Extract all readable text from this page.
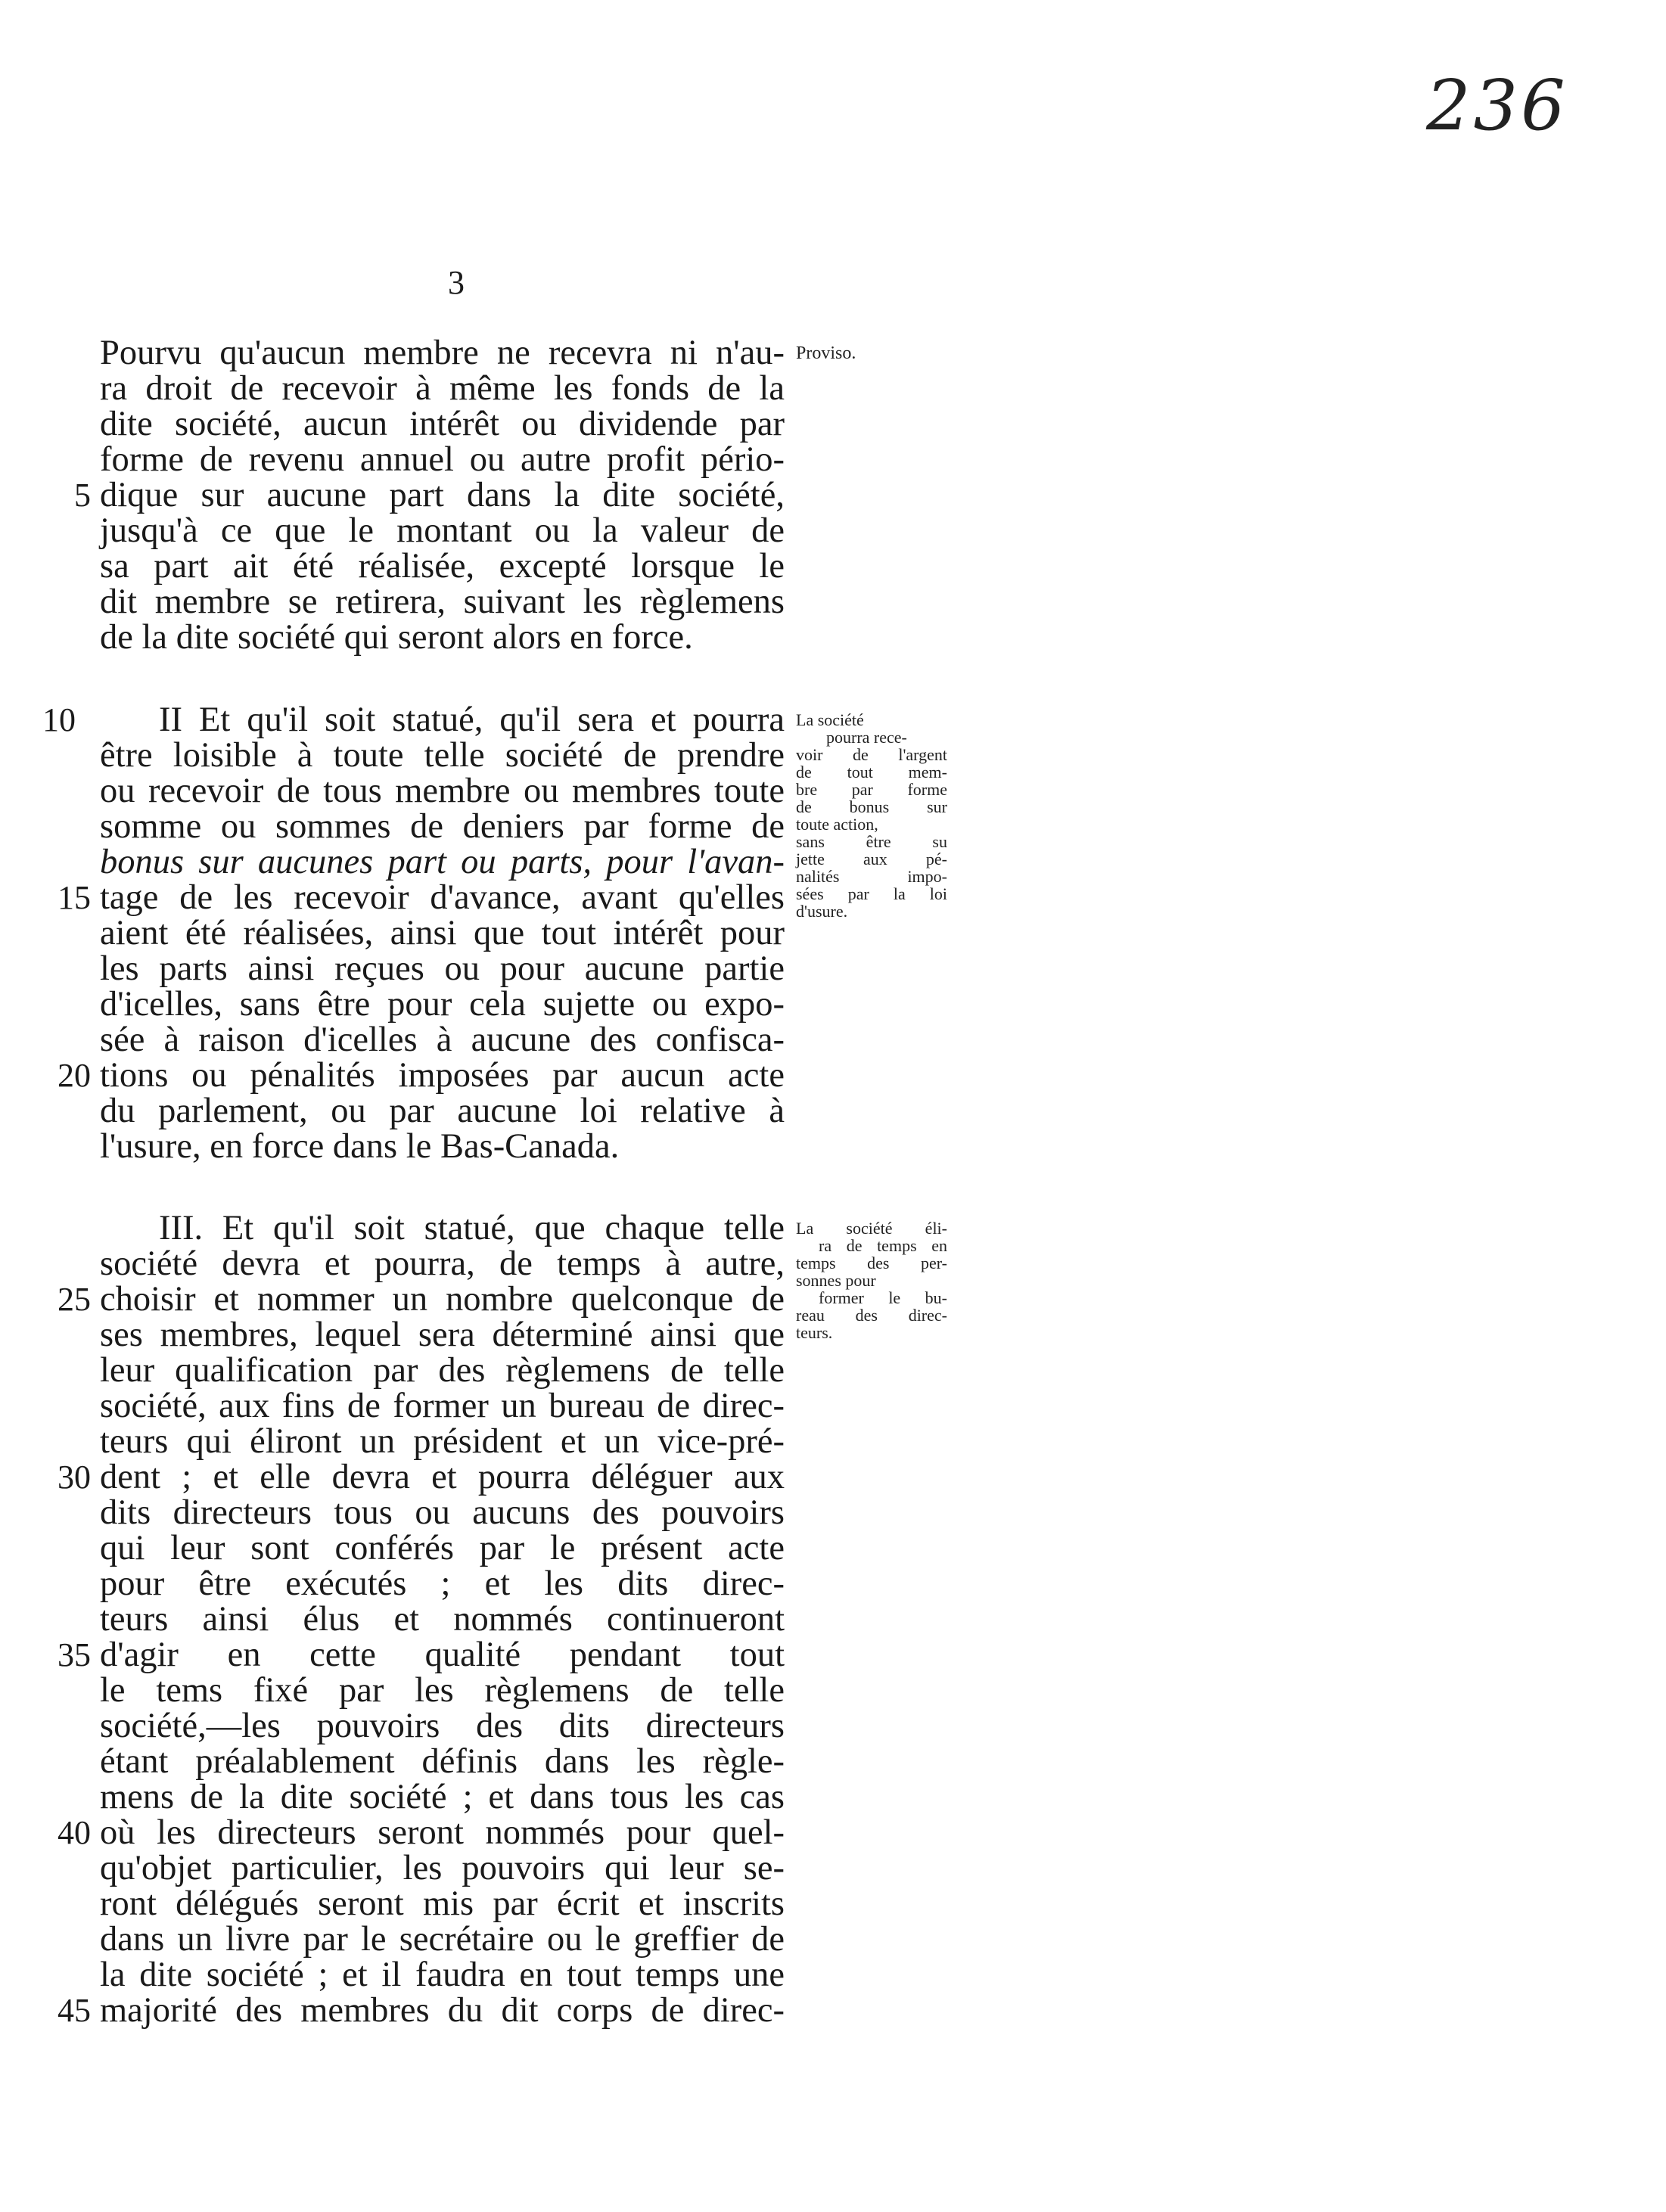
236
3
Pourvu qu'aucun membre ne recevra ni n'au-
ra droit de recevoir à même les fonds de la
dite société, aucun intérêt ou dividende par
forme de revenu annuel ou autre profit pério-
dique sur aucune part dans la dite société,
jusqu'à ce que le montant ou la valeur de
sa part ait été réalisée, excepté lorsque le
dit membre se retirera, suivant les règlemens
de la dite société qui seront alors en force.
II Et qu'il soit statué, qu'il sera et pourra
être loisible à toute telle société de prendre
ou recevoir de tous membre ou membres toute
somme ou sommes de deniers par forme de
bonus sur aucunes part ou parts, pour l'avan-
tage de les recevoir d'avance, avant qu'elles
aient été réalisées, ainsi que tout intérêt pour
les parts ainsi reçues ou pour aucune partie
d'icelles, sans être pour cela sujette ou expo-
sée à raison d'icelles à aucune des confisca-
tions ou pénalités imposées par aucun acte
du parlement, ou par aucune loi relative à
l'usure, en force dans le Bas-Canada.
III. Et qu'il soit statué, que chaque telle
société devra et pourra, de temps à autre,
choisir et nommer un nombre quelconque de
ses membres, lequel sera déterminé ainsi que
leur qualification par des règlemens de telle
société, aux fins de former un bureau de direc-
teurs qui éliront un président et un vice-pré-
dent ; et elle devra et pourra déléguer aux
dits directeurs tous ou aucuns des pouvoirs
qui leur sont conférés par le présent acte
pour être exécutés ; et les dits direc-
teurs ainsi élus et nommés continueront
d'agir en cette qualité pendant tout
le tems fixé par les règlemens de telle
société,—les pouvoirs des dits directeurs
étant préalablement définis dans les règle-
mens de la dite société ; et dans tous les cas
où les directeurs seront nommés pour quel-
qu'objet particulier, les pouvoirs qui leur se-
ront délégués seront mis par écrit et inscrits
dans un livre par le secrétaire ou le greffier de
la dite société ; et il faudra en tout temps une
majorité des membres du dit corps de direc-
5
10
15
20
25
30
35
40
45
Proviso.
La société
pourra rece-
voir de l'argent
de tout mem-
bre par forme
de bonus sur
toute action,
sans être su
jette aux pé-
nalités impo-
sées par la loi
d'usure.
La société éli-
ra de temps en
temps des per-
sonnes pour
former le bu-
reau des direc-
teurs.
